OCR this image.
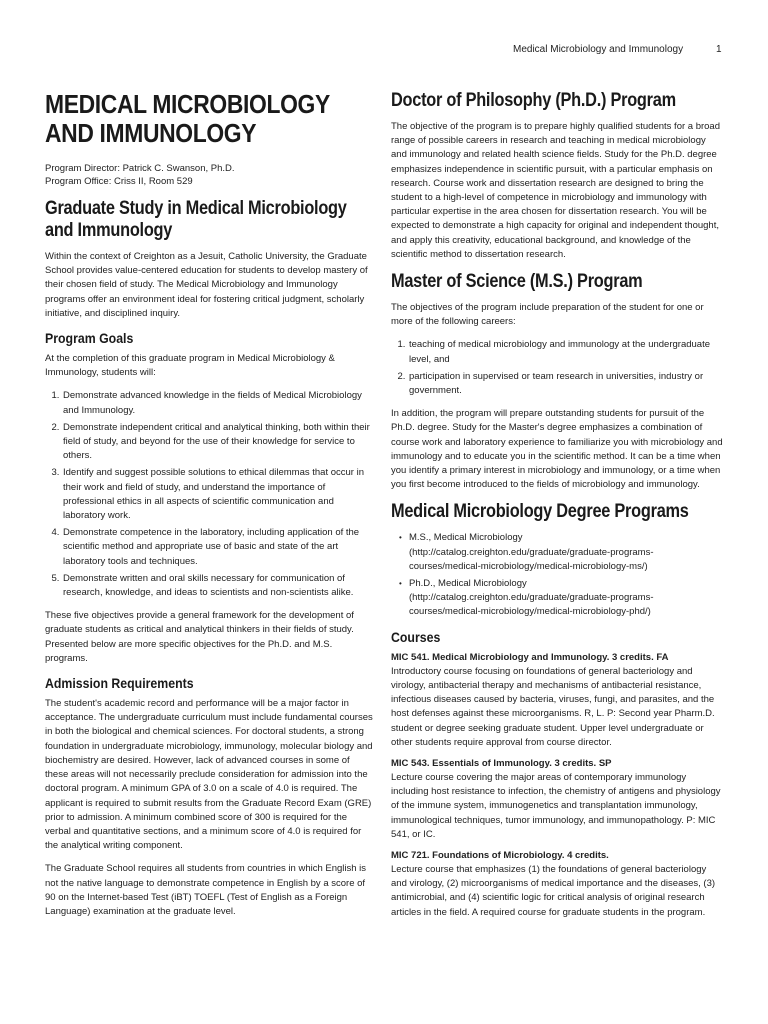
Medical Microbiology and Immunology	1
MEDICAL MICROBIOLOGY AND IMMUNOLOGY
Program Director: Patrick C. Swanson, Ph.D.
Program Office: Criss II, Room 529
Graduate Study in Medical Microbiology and Immunology

Within the context of Creighton as a Jesuit, Catholic University, the Graduate School provides value-centered education for students to develop mastery of their chosen field of study. The Medical Microbiology and Immunology programs offer an environment ideal for fostering critical judgment, scholarly initiative, and disciplined inquiry.

Program Goals

At the completion of this graduate program in Medical Microbiology & Immunology, students will:

1. Demonstrate advanced knowledge in the fields of Medical Microbiology and Immunology.
2. Demonstrate independent critical and analytical thinking, both within their field of study, and beyond for the use of their knowledge for service to others.
3. Identify and suggest possible solutions to ethical dilemmas that occur in their work and field of study, and understand the importance of professional ethics in all aspects of scientific communication and laboratory work.
4. Demonstrate competence in the laboratory, including application of the scientific method and appropriate use of basic and state of the art laboratory tools and techniques.
5. Demonstrate written and oral skills necessary for communication of research, knowledge, and ideas to scientists and non-scientists alike.

These five objectives provide a general framework for the development of graduate students as critical and analytical thinkers in their fields of study. Presented below are more specific objectives for the Ph.D. and M.S. programs.

Admission Requirements

The student's academic record and performance will be a major factor in acceptance. The undergraduate curriculum must include fundamental courses in both the biological and chemical sciences. For doctoral students, a strong foundation in undergraduate microbiology, immunology, molecular biology and biochemistry are desired. However, lack of advanced courses in some of these areas will not necessarily preclude consideration for admission into the doctoral program. A minimum GPA of 3.0 on a scale of 4.0 is required. The applicant is required to submit results from the Graduate Record Exam (GRE) prior to admission. A minimum combined score of 300 is required for the verbal and quantitative sections, and a minimum score of 4.0 is required for the analytical writing component.

The Graduate School requires all students from countries in which English is not the native language to demonstrate competence in English by a score of 90 on the Internet-based Test (iBT) TOEFL (Test of English as a Foreign Language) examination at the graduate level.

Doctor of Philosophy (Ph.D.) Program

The objective of the program is to prepare highly qualified students for a broad range of possible careers in research and teaching in medical microbiology and immunology and related health science fields. Study for the Ph.D. degree emphasizes independence in scientific pursuit, with a particular emphasis on research. Course work and dissertation research are designed to bring the student to a high-level of competence in microbiology and immunology with particular expertise in the area chosen for dissertation research. You will be expected to demonstrate a high capacity for original and independent thought, and apply this creativity, educational background, and knowledge of the scientific method to dissertation research.

Master of Science (M.S.) Program

The objectives of the program include preparation of the student for one or more of the following careers:

1. teaching of medical microbiology and immunology at the undergraduate level, and
2. participation in supervised or team research in universities, industry or government.

In addition, the program will prepare outstanding students for pursuit of the Ph.D. degree. Study for the Master's degree emphasizes a combination of course work and laboratory experience to familiarize you with microbiology and immunology and to educate you in the scientific method. It can be a time when you identify a primary interest in microbiology and immunology, or a time when you first become introduced to the fields of microbiology and immunology.

Medical Microbiology Degree Programs
• M.S., Medical Microbiology (http://catalog.creighton.edu/graduate/graduate-programs-courses/medical-microbiology/medical-microbiology-ms/)
• Ph.D., Medical Microbiology (http://catalog.creighton.edu/graduate/graduate-programs-courses/medical-microbiology/medical-microbiology-phd/)
Courses

MIC 541. Medical Microbiology and Immunology. 3 credits. FA

Introductory course focusing on foundations of general bacteriology and virology, antibacterial therapy and mechanisms of antibacterial resistance, infectious diseases caused by bacteria, viruses, fungi, and parasites, and the host defenses against these microorganisms. R, L. P: Second year Pharm.D. student or degree seeking graduate student. Upper level undergraduate or other students require approval from course director.

MIC 543. Essentials of Immunology. 3 credits. SP

Lecture course covering the major areas of contemporary immunology including host resistance to infection, the chemistry of antigens and physiology of the immune system, immunogenetics and transplantation immunology, immunological techniques, tumor immunology, and immunopathology. P: MIC 541, or IC.

MIC 721. Foundations of Microbiology. 4 credits.

Lecture course that emphasizes (1) the foundations of general bacteriology and virology, (2) microorganisms of medical importance and the diseases, (3) antimicrobial, and (4) scientific logic for critical analysis of original research articles in the field. A required course for graduate students in the program.
